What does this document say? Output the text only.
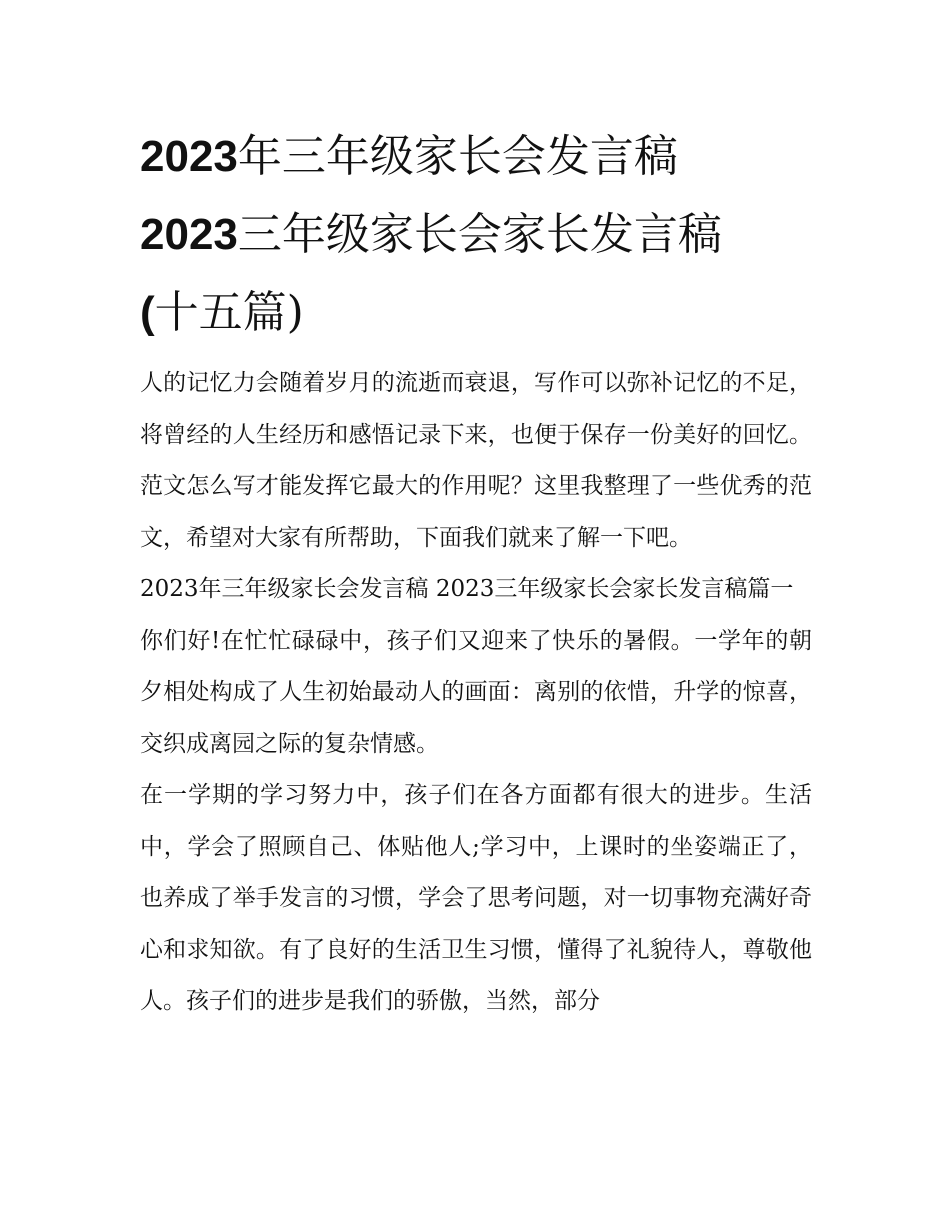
2023年三年级家长会发言稿
2023三年级家长会家长发言稿
(十五篇)

人的记忆力会随着岁月的流逝而衰退，写作可以弥补记忆的不足，将曾经的人生经历和感悟记录下来，也便于保存一份美好的回忆。范文怎么写才能发挥它最大的作用呢？这里我整理了一些优秀的范文，希望对大家有所帮助，下面我们就来了解一下吧。

2023年三年级家长会发言稿 2023三年级家长会家长发言稿篇一

你们好!在忙忙碌碌中，孩子们又迎来了快乐的暑假。一学年的朝夕相处构成了人生初始最动人的画面：离别的依惜，升学的惊喜，交织成离园之际的复杂情感。

在一学期的学习努力中，孩子们在各方面都有很大的进步。生活中，学会了照顾自己、体贴他人;学习中，上课时的坐姿端正了，也养成了举手发言的习惯，学会了思考问题，对一切事物充满好奇心和求知欲。有了良好的生活卫生习惯，懂得了礼貌待人，尊敬他人。孩子们的进步是我们的骄傲，当然，部分
